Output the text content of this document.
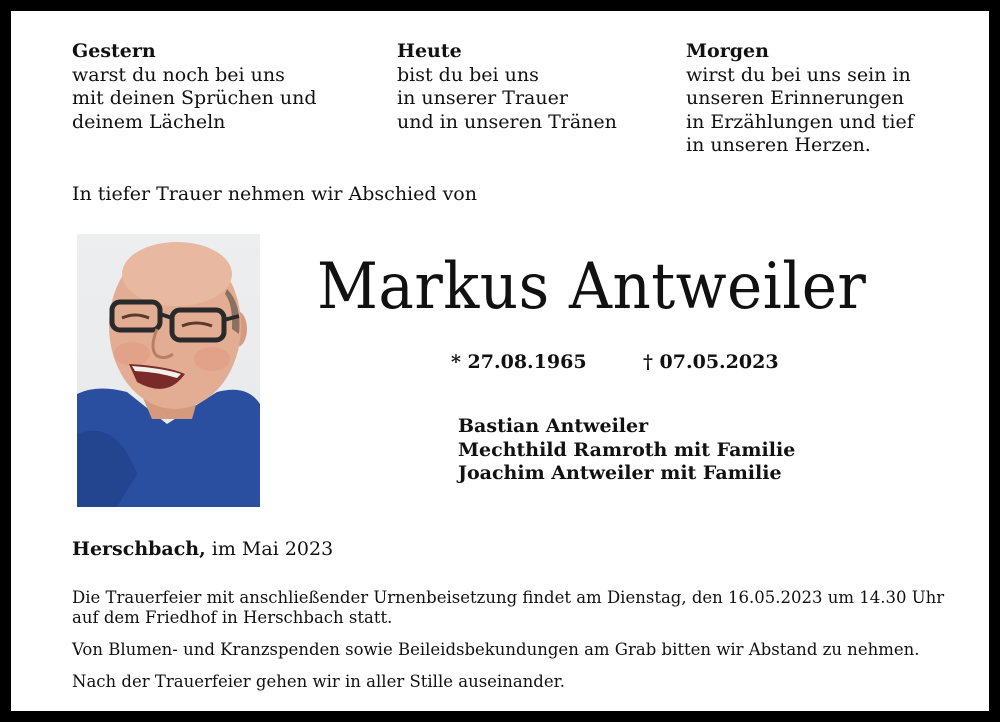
Gestern
warst du noch bei uns
mit deinen Sprüchen und
deinem Lächeln
Heute
bist du bei uns
in unserer Trauer
und in unseren Tränen
Morgen
wirst du bei uns sein in
unseren Erinnerungen
in Erzählungen und tief
in unseren Herzen.
In tiefer Trauer nehmen wir Abschied von
Markus Antweiler
* 27.08.1965	† 07.05.2023
Bastian Antweiler
Mechthild Ramroth mit Familie
Joachim Antweiler mit Familie
Herschbach, im Mai 2023
Die Trauerfeier mit anschließender Urnenbeisetzung findet am Dienstag, den 16.05.2023 um 14.30 Uhr
auf dem Friedhof in Herschbach statt.
Von Blumen- und Kranzspenden sowie Beileidsbekundungen am Grab bitten wir Abstand zu nehmen.
Nach der Trauerfeier gehen wir in aller Stille auseinander.
